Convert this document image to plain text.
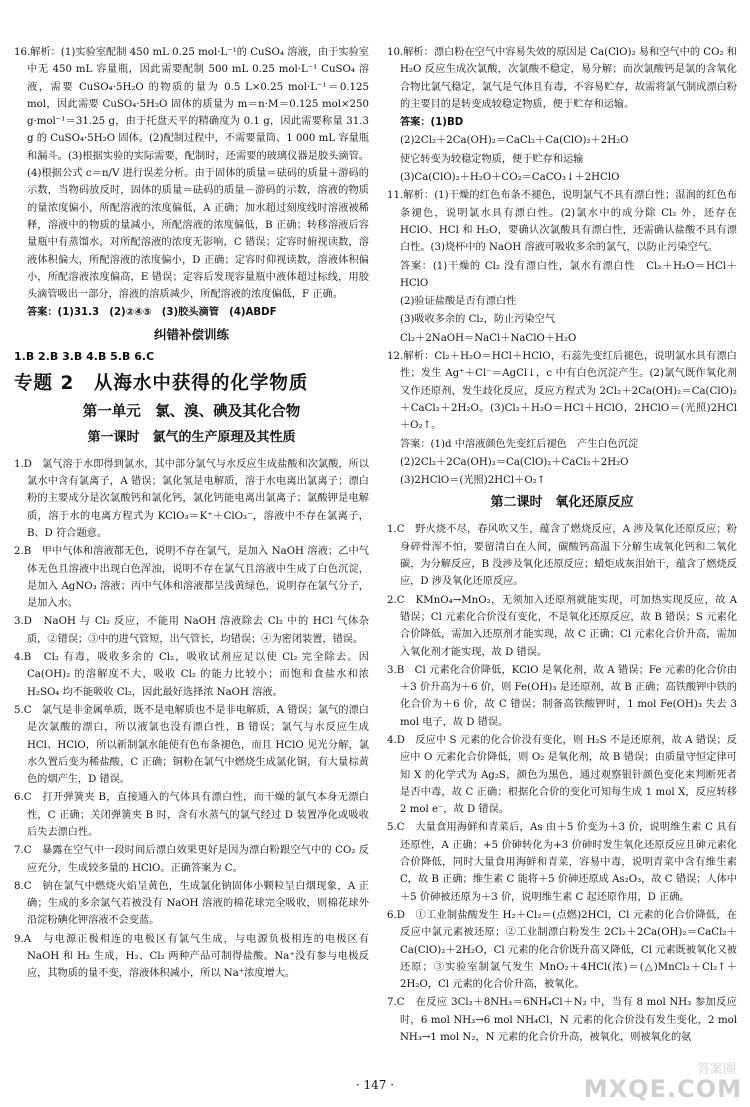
16.解析：(1)实验室配制 450 mL 0.25 mol·L⁻¹的 CuSO₄ 溶液，由于实验室中无 450 mL 容量瓶，因此需要配制 500 mL 0.25 mol·L⁻¹ CuSO₄ 溶液，需要 CuSO₄·5H₂O 的物质的量为 0.5 L×0.25 mol·L⁻¹＝0.125 mol，因此需要 CuSO₄·5H₂O 固体的质量为 m＝n·M＝0.125 mol×250 g·mol⁻¹＝31.25 g，由于托盘天平的精确度为 0.1 g，因此需要称量 31.3 g 的 CuSO₄·5H₂O 固体。(2)配制过程中，不需要量筒、1 000 mL 容量瓶和漏斗。(3)根据实验的实际需要，配制时，还需要的玻璃仪器是胶头滴管。(4)根据公式 c＝n/V 进行误差分析。由于固体的质量＝砝码的质量＋游码的示数，当物码放反时，固体的质量＝砝码的质量－游码的示数，溶液的物质的量浓度偏小，所配溶液的浓度偏低，A 正确；加水超过刻度线时溶液被稀释，溶液中的物质的量减小，所配溶液的浓度偏低，B 正确；转移溶液后容量瓶中有蒸馏水，对所配溶液的浓度无影响，C 错误；定容时俯视读数，溶液体积偏大，所配溶液的浓度偏小，D 正确；定容时仰视读数，溶液体积偏小，所配溶液浓度偏高，E 错误；定容后发现容量瓶中液体超过标线，用胶头滴管吸出一部分，溶液的溶质减少，所配溶液的浓度偏低，F 正确。

答案：(1)31.3　(2)②④⑤　(3)胶头滴管　(4)ABDF

纠错补偿训练
1.B 2.B 3.B 4.B 5.B 6.C
专题 2　从海水中获得的化学物质
第一单元　氯、溴、碘及其化合物
第一课时　氯气的生产原理及其性质

1.D　氯气溶于水即得到氯水，其中部分氯气与水反应生成盐酸和次氯酸，所以氯水中含有氯离子，A 错误；氯化氢是电解质，溶于水电离出氯离子；漂白粉的主要成分是次氯酸钙和氯化钙，氯化钙能电离出氯离子；氯酸钾是电解质，溶于水的电离方程式为 KClO₃＝K⁺＋ClO₃⁻，溶液中不存在氯离子，B、D 符合题意。

2.B　甲中气体和溶液都无色，说明不存在氯气，是加入 NaOH 溶液；乙中气体无色且溶液中出现白色浑浊，说明不存在氯气且溶液中生成了白色沉淀，是加入 AgNO₃ 溶液；丙中气体和溶液都呈浅黄绿色，说明存在氯气分子，是加入水。

3.D　NaOH 与 Cl₂ 反应，不能用 NaOH 溶液除去 Cl₂ 中的 HCl 气体杂质，②错误；③中的进气管短，出气管长，均错误；④为密闭装置，错误。

4.B　Cl₂ 有毒，吸收多余的 Cl₂，吸收试剂应足以使 Cl₂ 完全除去。因 Ca(OH)₂ 的溶解度不大，吸收 Cl₂ 的能力比较小；而饱和食盐水和浓 H₂SO₄ 均不能吸收 Cl₂，因此最好选择浓 NaOH 溶液。

5.C　氯气是非金属单质，既不是电解质也不是非电解质，A 错误；氯气的漂白是次氯酸的漂白，所以液氯也没有漂白性，B 错误；氯气与水反应生成 HCl、HClO，所以新制氯水能使有色布条褪色，而且 HClO 见光分解，氯水久置后变为稀盐酸，C 正确；铜粉在氯气中燃烧生成氯化铜，有大量棕黄色的烟产生，D 错误。

6.C　打开弹簧夹 B，直接通入的气体具有漂白性，而干燥的氯气本身无漂白性，C 正确；关闭弹簧夹 B 时，含有水蒸气的氯气经过 D 装置净化或吸收后失去漂白性。

7.C　暴露在空气中一段时间后漂白效果更好是因为漂白粉跟空气中的 CO₂ 反应充分，生成较多量的 HClO。正确答案为 C。

8.C　钠在氯气中燃烧火焰呈黄色，生成氯化钠固体小颗粒呈白烟现象，A 正确；生成的多余氯气若被没有 NaOH 溶液的棉花球完全吸收，则棉花球外沿淀粉碘化钾溶液不会变蓝。

9.A　与电源正极相连的电极区有氯气生成，与电源负极相连的电极区有 NaOH 和 H₂ 生成，H₂、Cl₂ 两种产品可制得盐酸。Na⁺没有参与电极反应，其物质的量不变，溶液体积减小，所以 Na⁺浓度增大。

10.解析：漂白粉在空气中容易失效的原因是 Ca(ClO)₂ 易和空气中的 CO₂ 和 H₂O 反应生成次氯酸，次氯酸不稳定，易分解；而次氯酸钙是氯的含氧化合物比氯气稳定，氯气是气体且有毒，不容易贮存，故需将氯气制成漂白粉的主要目的是转变成较稳定物质，便于贮存和运输。

答案：(1)BD

(2)2Cl₂＋2Ca(OH)₂＝CaCl₂＋Ca(ClO)₂＋2H₂O

使它转变为较稳定物质，便于贮存和运输

(3)Ca(ClO)₂＋H₂O＋CO₂＝CaCO₃↓＋2HClO

11.解析：(1)干燥的红色布条不褪色，说明氯气不具有漂白性；湿润的红色布条褪色，说明氯水具有漂白性。(2)氯水中的成分除 Cl₂ 外，还存在 HClO、HCl 和 H₂O，要确认次氯酸具有漂白性，还需确认盐酸不具有漂白性。(3)烧杯中的 NaOH 溶液可吸收多余的氯气，以防止污染空气。

答案：(1)干燥的 Cl₂ 没有漂白性，氯水有漂白性　Cl₂＋H₂O＝HCl＋HClO

(2)验证盐酸是否有漂白性

(3)吸收多余的 Cl₂，防止污染空气

Cl₂＋2NaOH＝NaCl＋NaClO＋H₂O

12.解析：Cl₂＋H₂O＝HCl＋HClO，石蕊先变红后褪色，说明氯水具有漂白性；发生 Ag⁺＋Cl⁻＝AgCl↓，c 中有白色沉淀产生。(2)氯气既作氧化剂又作还原剂，发生歧化反应，反应方程式为 2Cl₂＋2Ca(OH)₂＝Ca(ClO)₂＋CaCl₂＋2H₂O。(3)Cl₂＋H₂O＝HCl＋HClO，2HClO＝(光照)2HCl＋O₂↑。

答案：(1)d 中溶液颜色先变红后褪色　产生白色沉淀

(2)2Cl₂＋2Ca(OH)₂＝Ca(ClO)₂＋CaCl₂＋2H₂O

(3)2HClO＝(光照)2HCl＋O₂↑

第二课时　氧化还原反应

1.C　野火烧不尽，春风吹又生，蕴含了燃烧反应，A 涉及氧化还原反应；粉身碎骨浑不怕，要留清白在人间，碳酸钙高温下分解生成氧化钙和二氧化碳，为分解反应，B 没涉及氧化还原反应；蜡炬成灰泪始干，蕴含了燃烧反应，D 涉及氧化还原反应。

2.C　KMnO₄→MnO₂，无须加入还原剂就能实现，可加热实现反应，故 A 错误；Cl 元素化合价没有变化，不是氧化还原反应，故 B 错误；S 元素化合价降低，需加入还原剂才能实现，故 C 正确；Cl 元素化合价升高，需加入氧化剂才能实现，故 D 错误。

3.B　Cl 元素化合价降低，KClO 是氧化剂，故 A 错误；Fe 元素的化合价由＋3 价升高为＋6 价，则 Fe(OH)₃ 是还原剂，故 B 正确；高铁酸钾中铁的化合价为＋6 价，故 C 错误；制备高铁酸钾时，1 mol Fe(OH)₃ 失去 3 mol 电子，故 D 错误。

4.D　反应中 S 元素的化合价没有变化，则 H₂S 不是还原剂，故 A 错误；反应中 O 元素化合价降低，则 O₂ 是氧化剂，故 B 错误；由质量守恒定律可知 X 的化学式为 Ag₂S，颜色为黑色，通过观察银针颜色变化来判断死者是否中毒，故 C 正确；根据化合价的变化可知每生成 1 mol X，反应转移 2 mol e⁻，故 D 错误。

5.C　大量食用海鲜和青菜后，As 由＋5 价变为＋3 价，说明维生素 C 具有还原性，A 正确；+5 价砷转化为+3 价砷时发生氧化还原反应且砷元素化合价降低，同时大量食用海鲜和青菜，容易中毒，说明青菜中含有维生素 C，故 B 正确；维生素 C 能将＋5 价砷还原成 As₂O₃，故 C 错误；人体中＋5 价砷被还原为＋3 价，说明维生素 C 起还原作用，D 正确。

6.D　①工业制盐酸发生 H₂＋Cl₂＝(点燃)2HCl，Cl 元素的化合价降低，在反应中氯元素被还原；②工业制漂白粉发生 2Cl₂＋2Ca(OH)₂＝CaCl₂＋Ca(ClO)₂＋2H₂O，Cl 元素的化合价既升高又降低，Cl 元素既被氧化又被还原；③实验室制氯气发生 MnO₂＋4HCl(浓)＝(△)MnCl₂＋Cl₂↑＋2H₂O，Cl 元素的化合价升高，被氧化。

7.C　在反应 3Cl₂＋8NH₃＝6NH₄Cl＋N₂ 中，当有 8 mol NH₃ 参加反应时，6 mol NH₃→6 mol NH₄Cl，N 元素的化合价没有发生变化，2 mol NH₃→1 mol N₂，N 元素的化合价升高，被氧化，则被氧化的氨

· 147 ·
答案圈
MXQE.COM
